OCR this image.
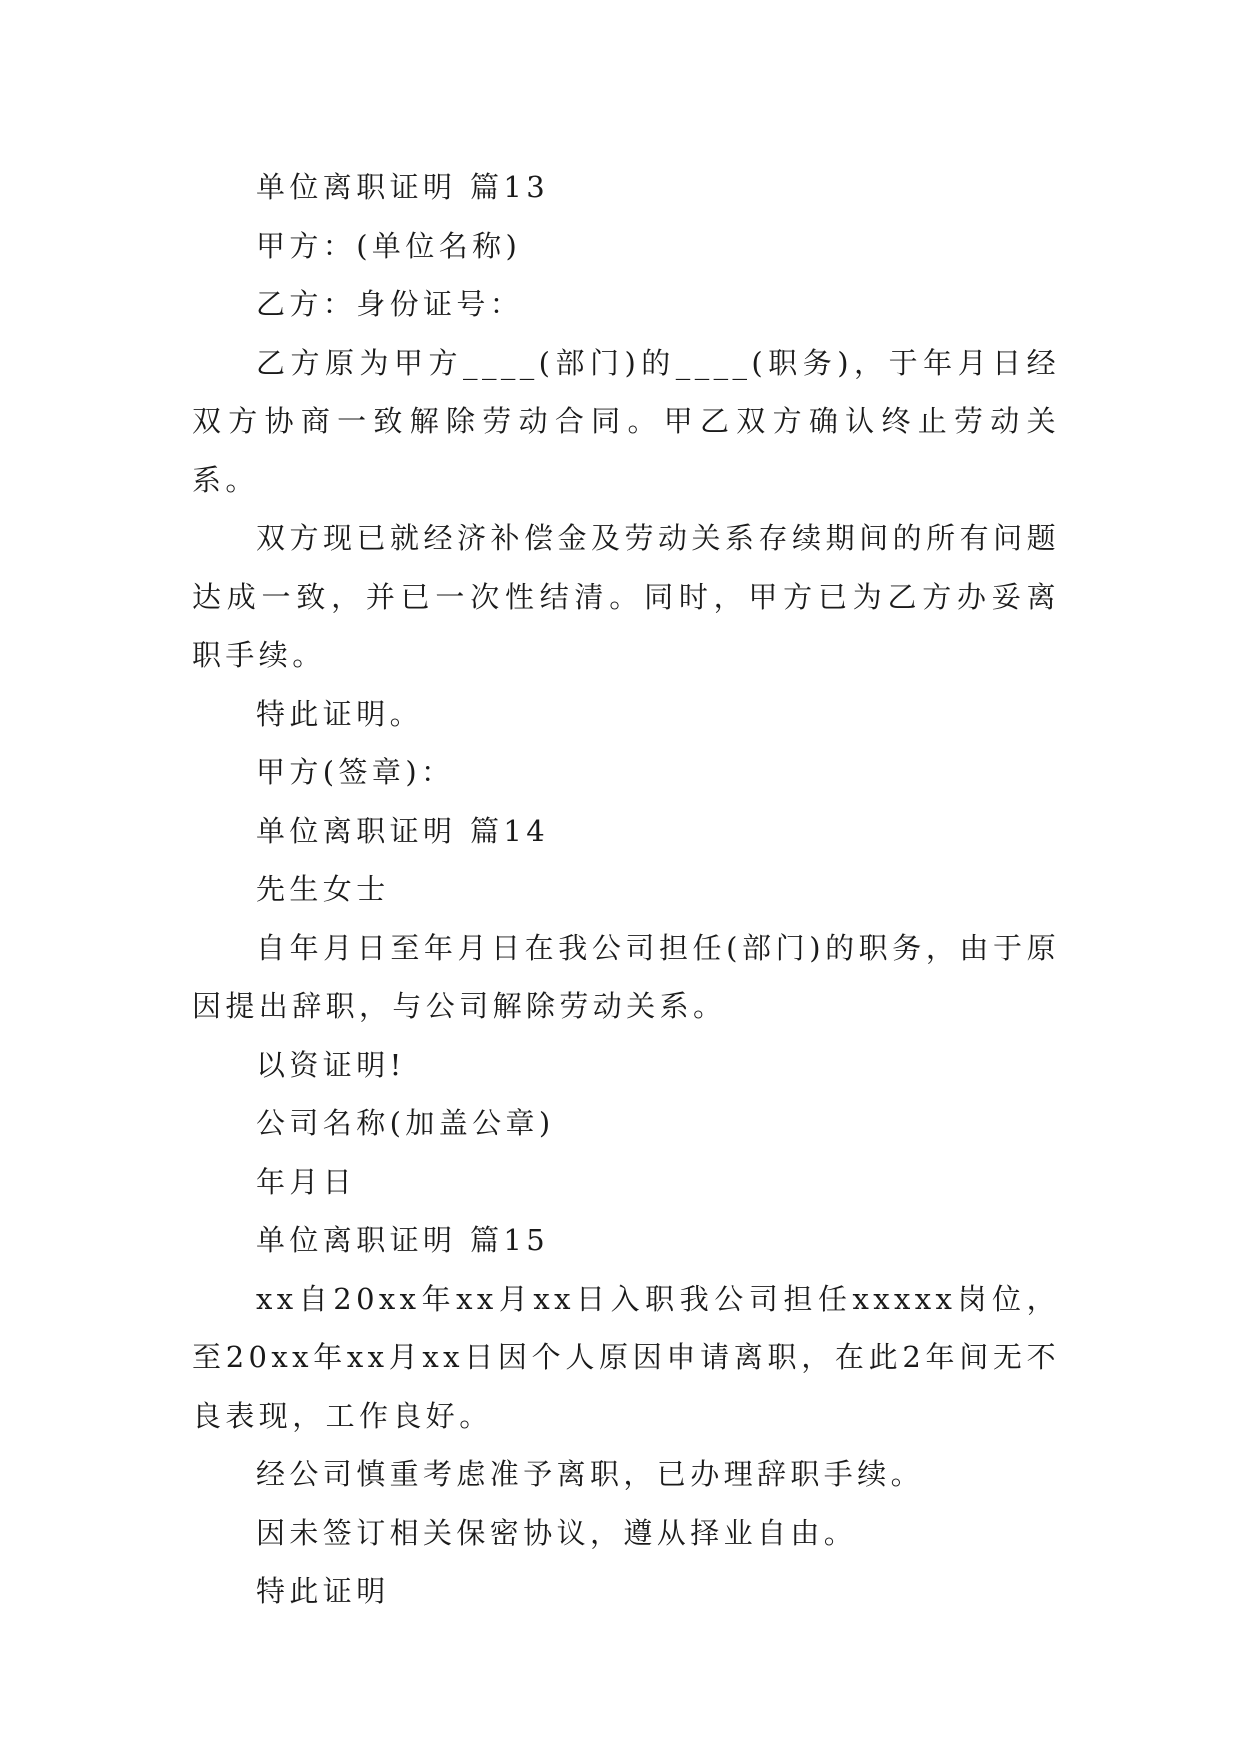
单位离职证明 篇13

甲方：(单位名称)

乙方：身份证号：

乙方原为甲方____(部门)的____(职务)，于年月日经双方协商一致解除劳动合同。甲乙双方确认终止劳动关系。

双方现已就经济补偿金及劳动关系存续期间的所有问题达成一致，并已一次性结清。同时，甲方已为乙方办妥离职手续。

特此证明。

甲方(签章)：

单位离职证明 篇14

先生女士

自年月日至年月日在我公司担任(部门)的职务，由于原因提出辞职，与公司解除劳动关系。

以资证明!

公司名称(加盖公章)

年月日

单位离职证明 篇15

xx自20xx年xx月xx日入职我公司担任xxxxx岗位，至20xx年xx月xx日因个人原因申请离职，在此2年间无不良表现，工作良好。

经公司慎重考虑准予离职，已办理辞职手续。

因未签订相关保密协议，遵从择业自由。

特此证明
